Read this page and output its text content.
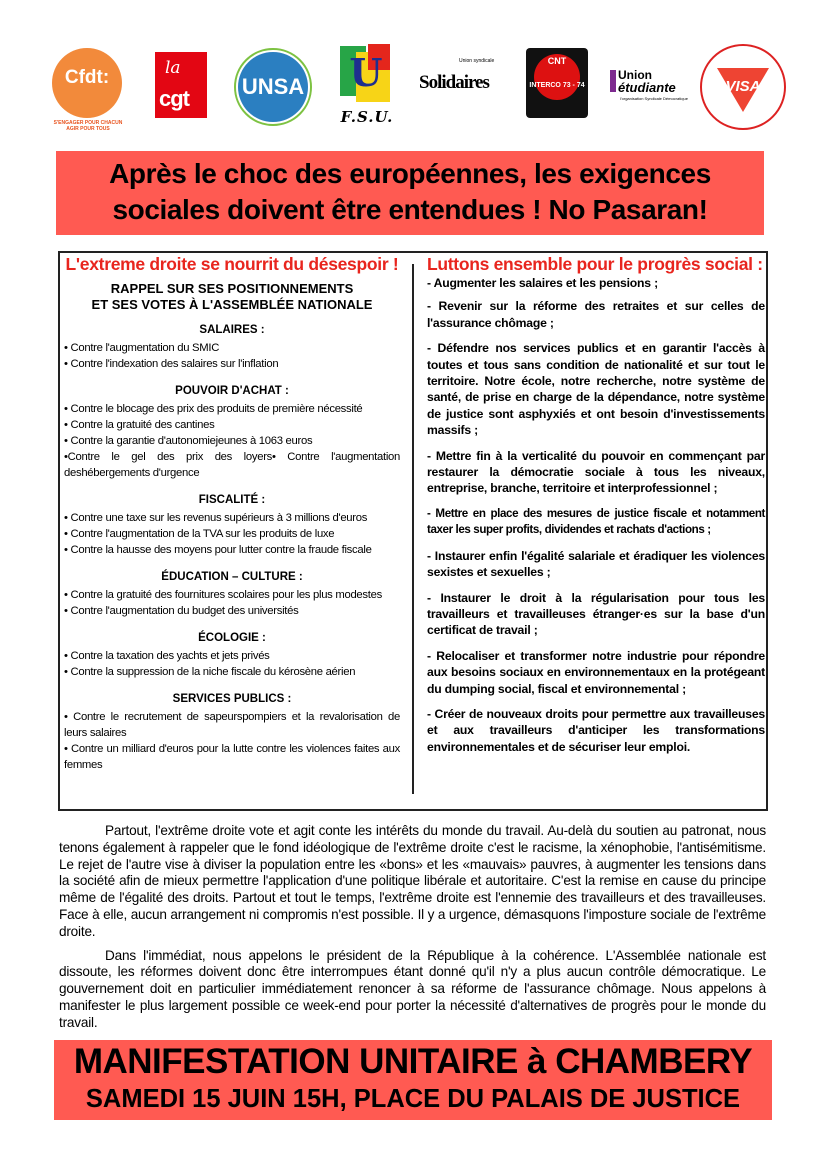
Cfdt:
S'ENGAGER POUR CHACUN AGIR POUR TOUS
la
cgt UNSA U
F.S.U.
Union syndicale
Solidaires
CNT
INTERCO 73 - 74
Union
étudiante
l'organisation Syndicale Démocratique
VISA
Après le choc des européennes, les exigences
sociales doivent être entendues ! No Pasaran!
L'extreme droite se nourrit du désespoir !
RAPPEL SUR SES POSITIONNEMENTS
ET SES VOTES À L'ASSEMBLÉE NATIONALE
SALAIRES :
• Contre l'augmentation du SMIC
• Contre l'indexation des salaires sur l'inflation
POUVOIR D'ACHAT :
• Contre le blocage des prix des produits de première nécessité
• Contre la gratuité des cantines
• Contre la garantie d'autonomiejeunes à 1063 euros
•Contre le gel des prix des loyers• Contre l'augmentation deshébergements d'urgence
FISCALITÉ :
• Contre une taxe sur les revenus supérieurs à 3 millions d'euros
• Contre l'augmentation de la TVA sur les produits de luxe
• Contre la hausse des moyens pour lutter contre la fraude fiscale
ÉDUCATION – CULTURE :
• Contre la gratuité des fournitures scolaires pour les plus modestes
• Contre l'augmentation du budget des universités
ÉCOLOGIE :
• Contre la taxation des yachts et jets privés
• Contre la suppression de la niche fiscale du kérosène aérien
SERVICES PUBLICS :
• Contre le recrutement de sapeurspompiers et la revalorisation de leurs salaires
• Contre un milliard d'euros pour la lutte contre les violences faites aux femmes
Luttons ensemble pour le progrès social :
- Augmenter les salaires et les pensions ;
- Revenir sur la réforme des retraites et sur celles de l'assurance chômage ;
- Défendre nos services publics et en garantir l'accès à toutes et tous sans condition de nationalité et sur tout le territoire. Notre école, notre recherche, notre système de santé, de prise en charge de la dépendance, notre système de justice sont asphyxiés et ont besoin d'investissements massifs ;
- Mettre fin à la verticalité du pouvoir en commençant par restaurer la démocratie sociale à tous les niveaux, entreprise, branche, territoire et interprofessionnel ;
- Mettre en place des mesures de justice fiscale et notamment taxer les super profits, dividendes et rachats d'actions ;
- Instaurer enfin l'égalité salariale et éradiquer les violences sexistes et sexuelles ;
- Instaurer le droit à la régularisation pour tous les travailleurs et travailleuses étranger·es sur la base d'un certificat de travail ;
- Relocaliser et transformer notre industrie pour répondre aux besoins sociaux en environnementaux en la protégeant du dumping social, fiscal et environnemental ;
- Créer de nouveaux droits pour permettre aux travailleuses et aux travailleurs d'anticiper les transformations environnementales et de sécuriser leur emploi.

Partout, l'extrême droite vote et agit conte les intérêts du monde du travail. Au-delà du soutien au patronat, nous tenons également à rappeler que le fond idéologique de l'extrême droite c'est le racisme, la xénophobie, l'antisémitisme. Le rejet de l'autre vise à diviser la population entre les «bons» et les «mauvais» pauvres, à augmenter les tensions dans la société afin de mieux permettre l'application d'une politique libérale et autoritaire. C'est la remise en cause du principe même de l'égalité des droits. Partout et tout le temps, l'extrême droite est l'ennemie des travailleurs et des travailleuses. Face à elle, aucun arrangement ni compromis n'est possible. Il y a urgence, démasquons l'imposture sociale de l'extrême droite.

Dans l'immédiat, nous appelons le président de la République à la cohérence. L'Assemblée nationale est dissoute, les réformes doivent donc être interrompues étant donné qu'il n'y a plus aucun contrôle démocratique. Le gouvernement doit en particulier immédiatement renoncer à sa réforme de l'assurance chômage. Nous appelons à manifester le plus largement possible ce week-end pour porter la nécessité d'alternatives de progrès pour le monde du travail.

MANIFESTATION UNITAIRE à CHAMBERY
SAMEDI 15 JUIN 15H, PLACE DU PALAIS DE JUSTICE
